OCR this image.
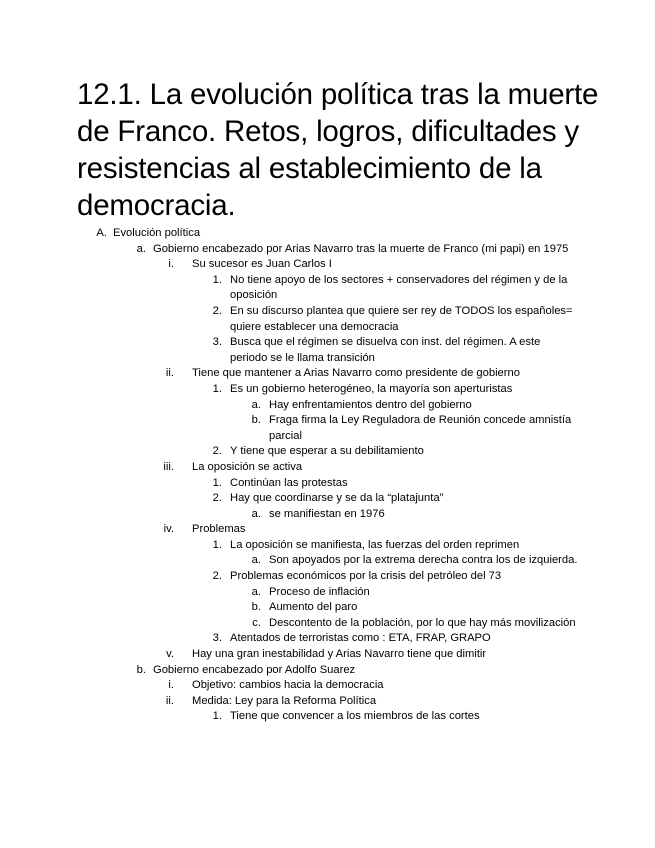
12.1. La evolución política tras la muerte de Franco. Retos, logros, dificultades y resistencias al establecimiento de la democracia.
A. Evolución política
a. Gobierno encabezado por Arias Navarro tras la muerte de Franco (mi papi) en 1975
i. Su sucesor es Juan Carlos I
1. No tiene apoyo de los sectores + conservadores del régimen y de la oposición
2. En su discurso plantea que quiere ser rey de TODOS los españoles= quiere establecer una democracia
3. Busca que el régimen se disuelva con inst. del régimen. A este periodo se le llama transición
ii. Tiene que mantener a Arias Navarro como presidente de gobierno
1. Es un gobierno heterogéneo, la mayoría son aperturistas
a. Hay enfrentamientos dentro del gobierno
b. Fraga firma la Ley Reguladora de Reunión concede amnistía parcial
2. Y tiene que esperar a su debilitamiento
iii. La oposición se activa
1. Continúan las protestas
2. Hay que coordinarse y se da la “platajunta”
a. se manifiestan en 1976
iv. Problemas
1. La oposición se manifiesta, las fuerzas del orden reprimen
a. Son apoyados por la extrema derecha contra los de izquierda.
2. Problemas económicos por la crisis del petróleo del 73
a. Proceso de inflación
b. Aumento del paro
c. Descontento de la población, por lo que hay más movilización
3. Atentados de terroristas como : ETA, FRAP, GRAPO
v. Hay una gran inestabilidad y Arias Navarro tiene que dimitir
b. Gobierno encabezado por Adolfo Suarez
i. Objetivo: cambios hacia la democracia
ii. Medida: Ley para la Reforma Política
1. Tiene que convencer a los miembros de las cortes
